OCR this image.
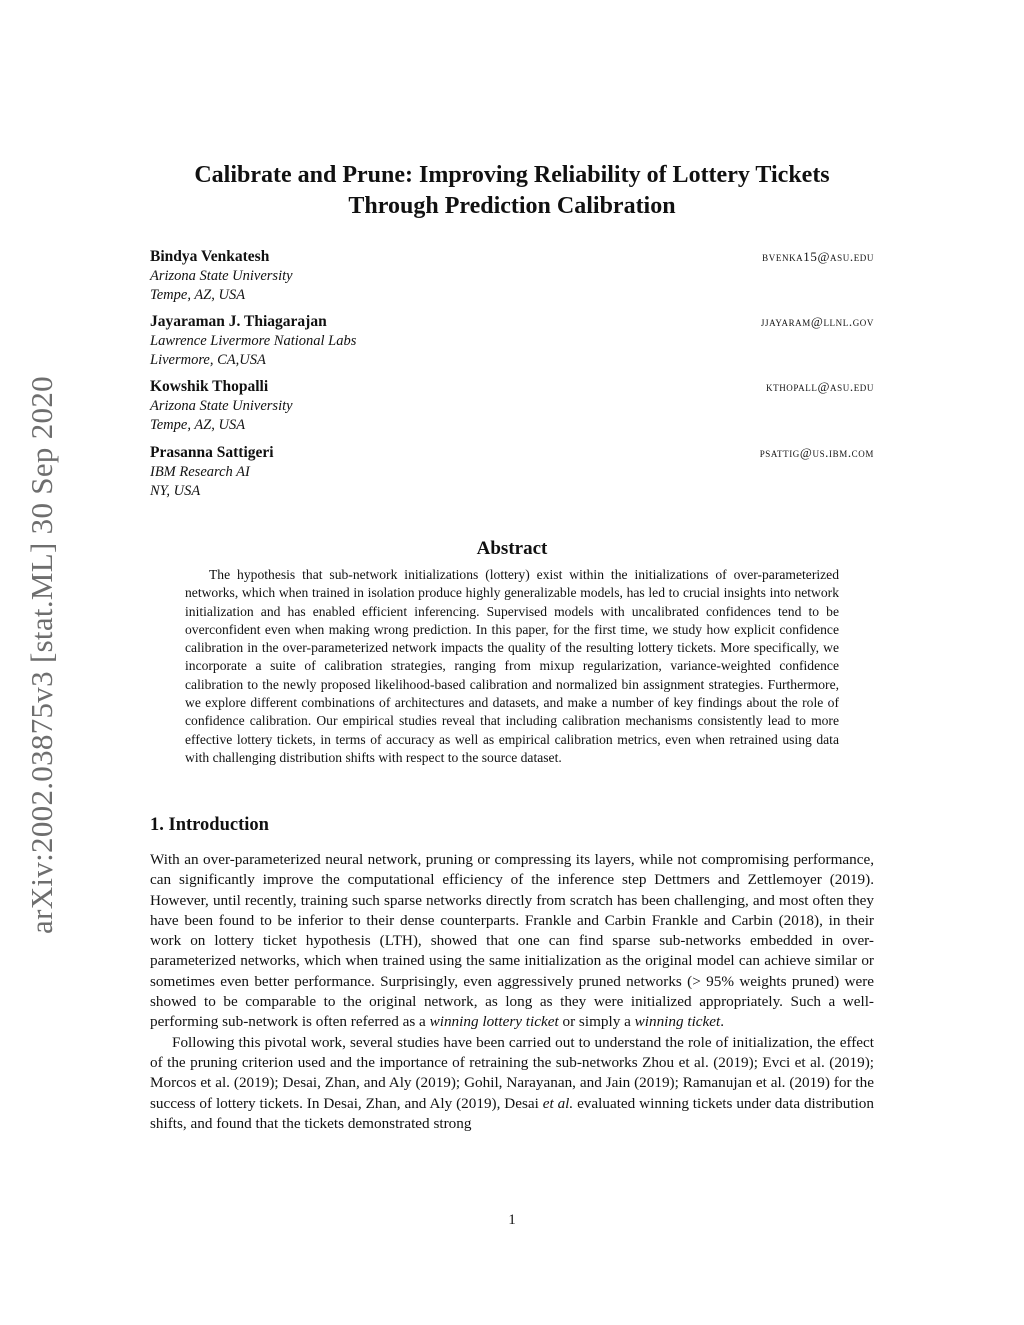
arXiv:2002.03875v3 [stat.ML] 30 Sep 2020
Calibrate and Prune: Improving Reliability of Lottery Tickets
Through Prediction Calibration
Bindya Venkatesh
Arizona State University
Tempe, AZ, USA
bvenka15@asu.edu
Jayaraman J. Thiagarajan
Lawrence Livermore National Labs
Livermore, CA,USA
jjayaram@llnl.gov
Kowshik Thopalli
Arizona State University
Tempe, AZ, USA
kthopall@asu.edu
Prasanna Sattigeri
IBM Research AI
NY, USA
psattig@us.ibm.com
Abstract

The hypothesis that sub-network initializations (lottery) exist within the initializations of over-parameterized networks, which when trained in isolation produce highly generalizable models, has led to crucial insights into network initialization and has enabled efficient inferencing. Supervised models with uncalibrated confidences tend to be overconfident even when making wrong prediction. In this paper, for the first time, we study how explicit confidence calibration in the over-parameterized network impacts the quality of the resulting lottery tickets. More specifically, we incorporate a suite of calibration strategies, ranging from mixup regularization, variance-weighted confidence calibration to the newly proposed likelihood-based calibration and normalized bin assignment strategies. Furthermore, we explore different combinations of architectures and datasets, and make a number of key findings about the role of confidence calibration. Our empirical studies reveal that including calibration mechanisms consistently lead to more effective lottery tickets, in terms of accuracy as well as empirical calibration metrics, even when retrained using data with challenging distribution shifts with respect to the source dataset.

1. Introduction

With an over-parameterized neural network, pruning or compressing its layers, while not compromising performance, can significantly improve the computational efficiency of the inference step Dettmers and Zettlemoyer (2019). However, until recently, training such sparse networks directly from scratch has been challenging, and most often they have been found to be inferior to their dense counterparts. Frankle and Carbin Frankle and Carbin (2018), in their work on lottery ticket hypothesis (LTH), showed that one can find sparse sub-networks embedded in over-parameterized networks, which when trained using the same initialization as the original model can achieve similar or sometimes even better performance. Surprisingly, even aggressively pruned networks (> 95% weights pruned) were showed to be comparable to the original network, as long as they were initialized appropriately. Such a well-performing sub-network is often referred as a winning lottery ticket or simply a winning ticket.

Following this pivotal work, several studies have been carried out to understand the role of initialization, the effect of the pruning criterion used and the importance of retraining the sub-networks Zhou et al. (2019); Evci et al. (2019); Morcos et al. (2019); Desai, Zhan, and Aly (2019); Gohil, Narayanan, and Jain (2019); Ramanujan et al. (2019) for the success of lottery tickets. In Desai, Zhan, and Aly (2019), Desai et al. evaluated winning tickets under data distribution shifts, and found that the tickets demonstrated strong

1
